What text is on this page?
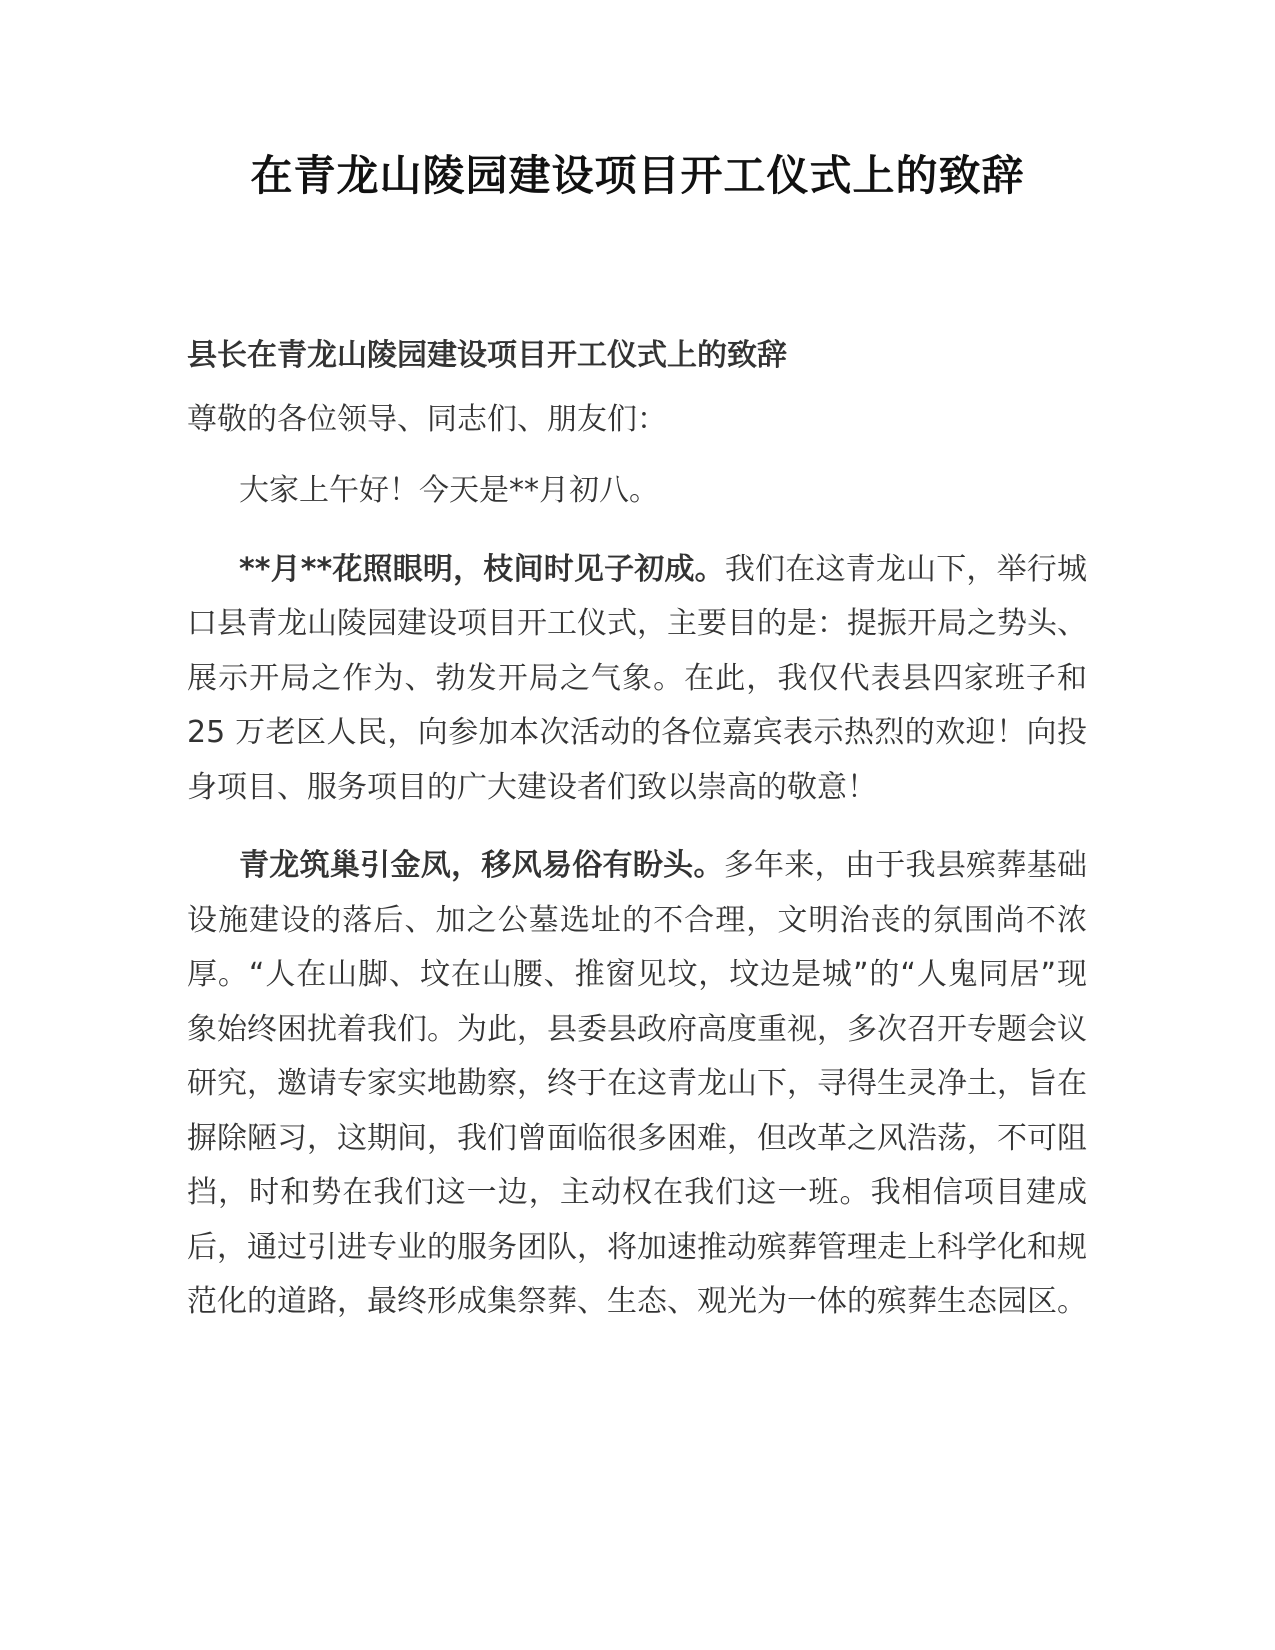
在青龙山陵园建设项目开工仪式上的致辞

县长在青龙山陵园建设项目开工仪式上的致辞

尊敬的各位领导、同志们、朋友们：

大家上午好！今天是**月初八。

**月**花照眼明，枝间时见子初成。我们在这青龙山下，举行城口县青龙山陵园建设项目开工仪式，主要目的是：提振开局之势头、展示开局之作为、勃发开局之气象。在此，我仅代表县四家班子和 25 万老区人民，向参加本次活动的各位嘉宾表示热烈的欢迎！向投身项目、服务项目的广大建设者们致以崇高的敬意！

青龙筑巢引金凤，移风易俗有盼头。多年来，由于我县殡葬基础设施建设的落后、加之公墓选址的不合理，文明治丧的氛围尚不浓厚。“人在山脚、坟在山腰、推窗见坟，坟边是城”的“人鬼同居”现象始终困扰着我们。为此，县委县政府高度重视，多次召开专题会议研究，邀请专家实地勘察，终于在这青龙山下，寻得生灵净土，旨在摒除陋习，这期间，我们曾面临很多困难，但改革之风浩荡，不可阻挡，时和势在我们这一边，主动权在我们这一班。我相信项目建成后，通过引进专业的服务团队，将加速推动殡葬管理走上科学化和规范化的道路，最终形成集祭葬、生态、观光为一体的殡葬生态园区。
